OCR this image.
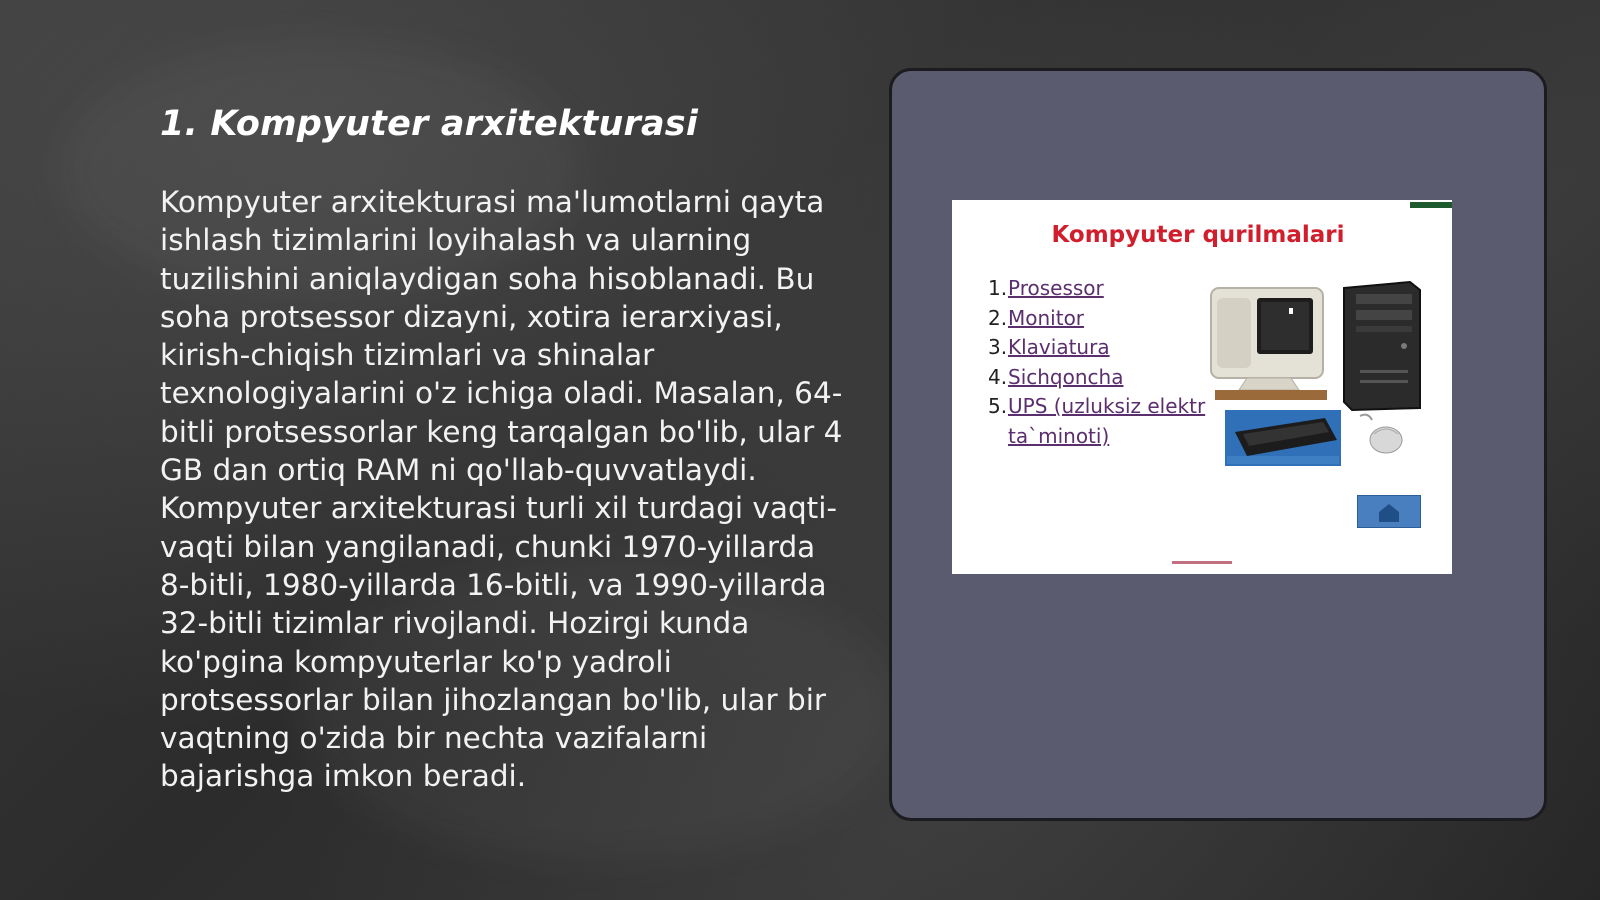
1. Kompyuter arxitekturasi

Kompyuter arxitekturasi ma'lumotlarni qayta ishlash tizimlarini loyihalash va ularning tuzilishini aniqlaydigan soha hisoblanadi. Bu soha protsessor dizayni, xotira ierarxiyasi, kirish-chiqish tizimlari va shinalar texnologiyalarini o'z ichiga oladi. Masalan, 64-bitli protsessorlar keng tarqalgan bo'lib, ular 4 GB dan ortiq RAM ni qo'llab-quvvatlaydi. Kompyuter arxitekturasi turli xil turdagi vaqti-vaqti bilan yangilanadi, chunki 1970-yillarda 8-bitli, 1980-yillarda 16-bitli, va 1990-yillarda 32-bitli tizimlar rivojlandi. Hozirgi kunda ko'pgina kompyuterlar ko'p yadroli protsessorlar bilan jihozlangan bo'lib, ular bir vaqtning o'zida bir nechta vazifalarni bajarishga imkon beradi.

Kompyuter qurilmalari
1.Prosessor
2.Monitor
3.Klaviatura
4.Sichqoncha
5.UPS (uzluksiz elektr
ta`minoti)
